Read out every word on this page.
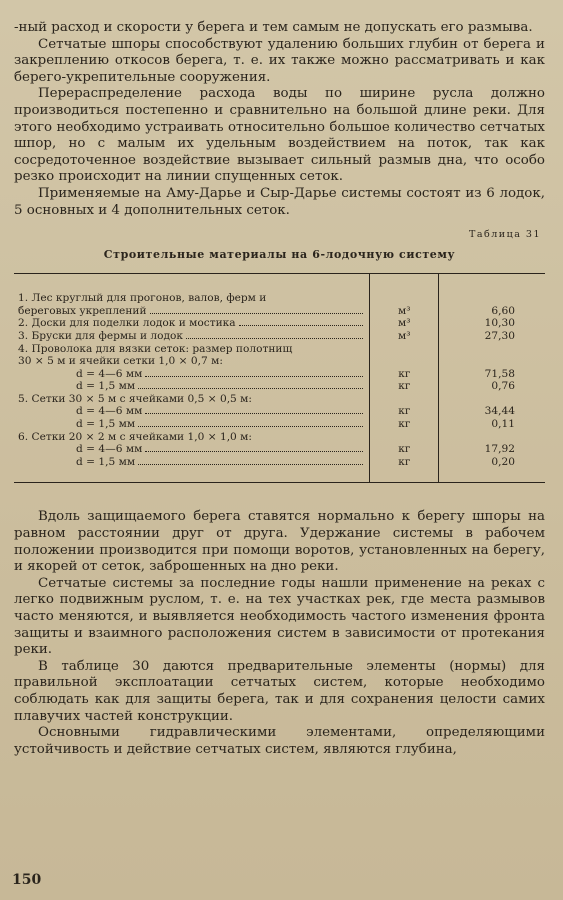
-ный расход и скорости у берега и тем самым не допускать его размыва.

Сетчатые шпоры способствуют удалению больших глубин от берега и закреплению откосов берега, т. е. их также можно рассматривать и как берего-укрепительные сооружения.

Перераспределение расхода воды по ширине русла должно производиться постепенно и сравнительно на большой длине реки. Для этого необходимо устраивать относительно большое количество сетчатых шпор, но с малым их удельным воздействием на поток, так как сосредоточенное воздействие вызывает сильный размыв дна, что особо резко происходит на линии спущенных сеток.

Применяемые на Аму-Дарье и Сыр-Дарье системы состоят из 6 лодок, 5 основных и 4 дополнительных сеток.

Таблица 31
Строительные материалы на 6-лодочную систему

1. Лес круглый для прогонов, валов, ферм и		

береговых укреплений	м³	6,60

2. Доски для поделки лодок и мостика	м³	10,30

3. Бруски для фермы и лодок	м³	27,30

4. Проволока для вязки сеток: размер полотнищ		

30 × 5 м и ячейки сетки 1,0 × 0,7 м:		

d = 4—6 мм	кг	71,58

d = 1,5 мм	кг	0,76

5. Сетки 30 × 5 м с ячейками 0,5 × 0,5 м:		

d = 4—6 мм	кг	34,44

d = 1,5 мм	кг	0,11

6. Сетки 20 × 2 м с ячейками 1,0 × 1,0 м:		

d = 4—6 мм	кг	17,92

d = 1,5 мм	кг	0,20

Вдоль защищаемого берега ставятся нормально к берегу шпоры на равном расстоянии друг от друга. Удержание системы в рабочем положении производится при помощи воротов, установленных на берегу, и якорей от сеток, заброшенных на дно реки.

Сетчатые системы за последние годы нашли применение на реках с легко подвижным руслом, т. е. на тех участках рек, где места размывов часто меняются, и выявляется необходимость частого изменения фронта защиты и взаимного расположения систем в зависимости от протекания реки.

В таблице 30 даются предварительные элементы (нормы) для правильной эксплоатации сетчатых систем, которые необходимо соблюдать как для защиты берега, так и для сохранения целости самих плавучих частей конструкции.

Основными гидравлическими элементами, определяющими устойчивость и действие сетчатых систем, являются глубина,

150
